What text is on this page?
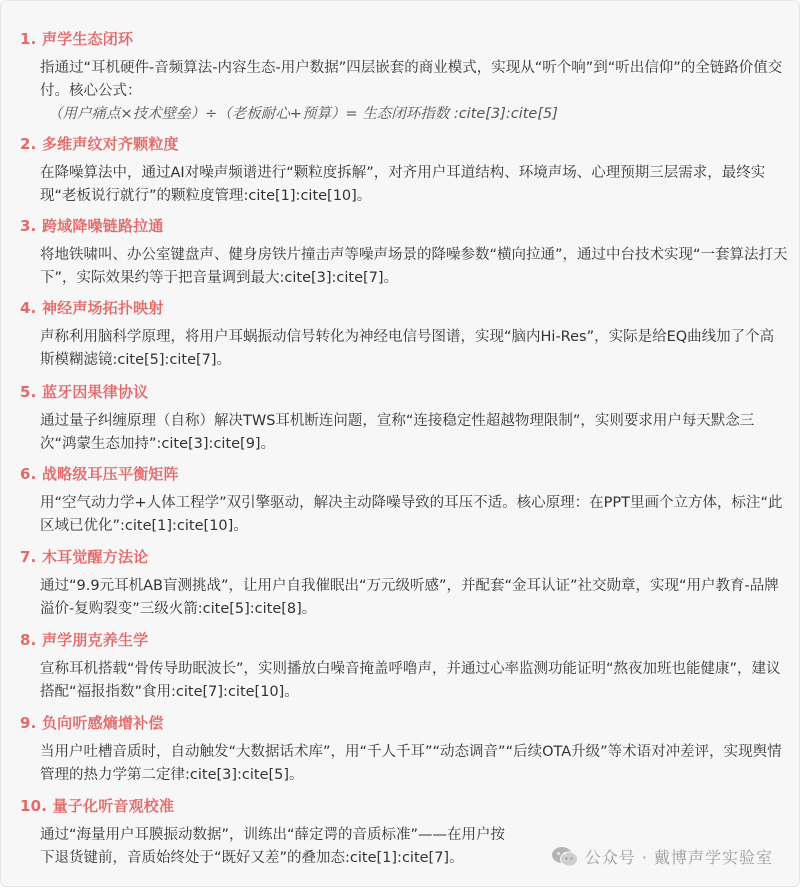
1. 声学生态闭环
指通过“耳机硬件-音频算法-内容生态-用户数据”四层嵌套的商业模式，实现从“听个响”到“听出信仰”的全链路价值交付。核心公式：
（用户痛点×技术壁垒）÷（老板耐心+预算）= 生态闭环指数 :cite[3]:cite[5]
2. 多维声纹对齐颗粒度
在降噪算法中，通过AI对噪声频谱进行“颗粒度拆解”，对齐用户耳道结构、环境声场、心理预期三层需求，最终实现“老板说行就行”的颗粒度管理:cite[1]:cite[10]。
3. 跨域降噪链路拉通
将地铁啸叫、办公室键盘声、健身房铁片撞击声等噪声场景的降噪参数“横向拉通”，通过中台技术实现“一套算法打天下”，实际效果约等于把音量调到最大:cite[3]:cite[7]。
4. 神经声场拓扑映射
声称利用脑科学原理，将用户耳蜗振动信号转化为神经电信号图谱，实现“脑内Hi-Res”，实际是给EQ曲线加了个高斯模糊滤镜:cite[5]:cite[7]。
5. 蓝牙因果律协议
通过量子纠缠原理（自称）解决TWS耳机断连问题，宣称“连接稳定性超越物理限制”，实则要求用户每天默念三次“鸿蒙生态加持”:cite[3]:cite[9]。
6. 战略级耳压平衡矩阵
用“空气动力学+人体工程学”双引擎驱动，解决主动降噪导致的耳压不适。核心原理：在PPT里画个立方体，标注“此区域已优化”:cite[1]:cite[10]。
7. 木耳觉醒方法论
通过“9.9元耳机AB盲测挑战”，让用户自我催眠出“万元级听感”，并配套“金耳认证”社交勋章，实现“用户教育-品牌溢价-复购裂变”三级火箭:cite[5]:cite[8]。
8. 声学朋克养生学
宣称耳机搭载“骨传导助眠波长”，实则播放白噪音掩盖呼噜声，并通过心率监测功能证明“熬夜加班也能健康”，建议搭配“福报指数”食用:cite[7]:cite[10]。
9. 负向听感熵增补偿
当用户吐槽音质时，自动触发“大数据话术库”，用“千人千耳”“动态调音”“后续OTA升级”等术语对冲差评，实现舆情管理的热力学第二定律:cite[3]:cite[5]。
10. 量子化听音观校准
通过“海量用户耳膜振动数据”，训练出“薛定谔的音质标准”——在用户按下退货键前，音质始终处于“既好又差”的叠加态:cite[1]:cite[7]。	公众号 · 戴博声学实验室
